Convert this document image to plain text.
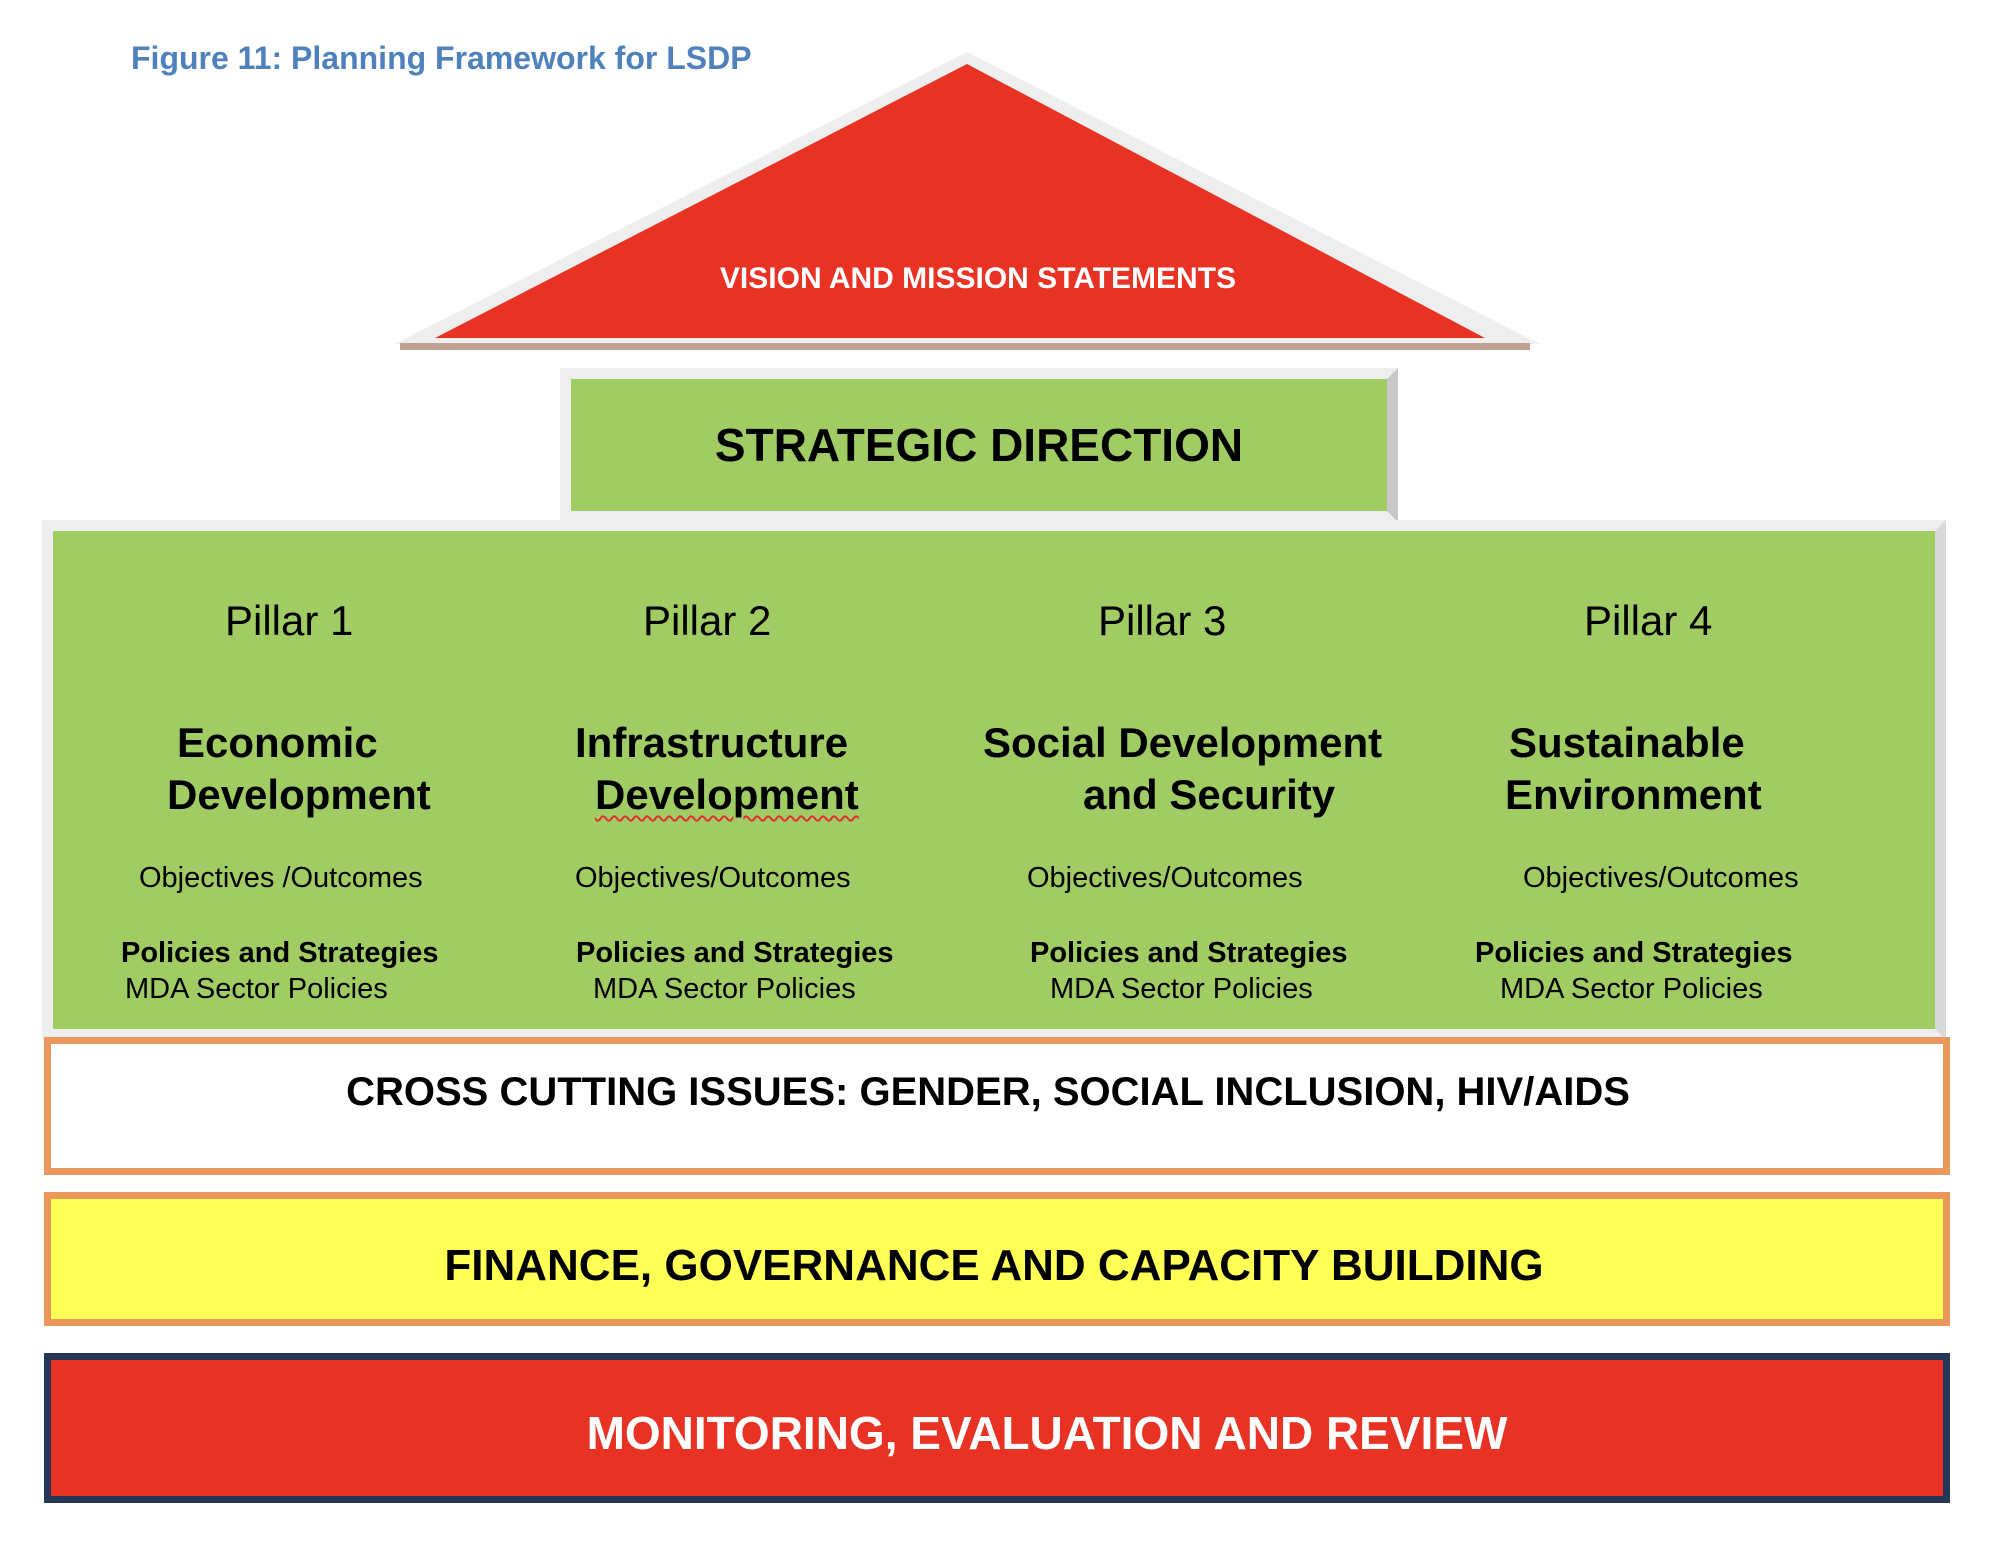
Figure 11: Planning Framework for LSDP
VISION AND MISSION STATEMENTS
STRATEGIC DIRECTION
Pillar 1
Economic
Development
Objectives /Outcomes
Policies and Strategies
MDA Sector Policies
Pillar 2
Infrastructure
Development
Objectives/Outcomes
Policies and Strategies
MDA Sector Policies
Pillar 3
Social Development
and Security
Objectives/Outcomes
Policies and Strategies
MDA Sector Policies
Pillar 4
Sustainable
Environment
Objectives/Outcomes
Policies and Strategies
MDA Sector Policies
CROSS CUTTING ISSUES: GENDER, SOCIAL INCLUSION, HIV/AIDS
FINANCE, GOVERNANCE AND CAPACITY BUILDING
MONITORING, EVALUATION AND REVIEW
